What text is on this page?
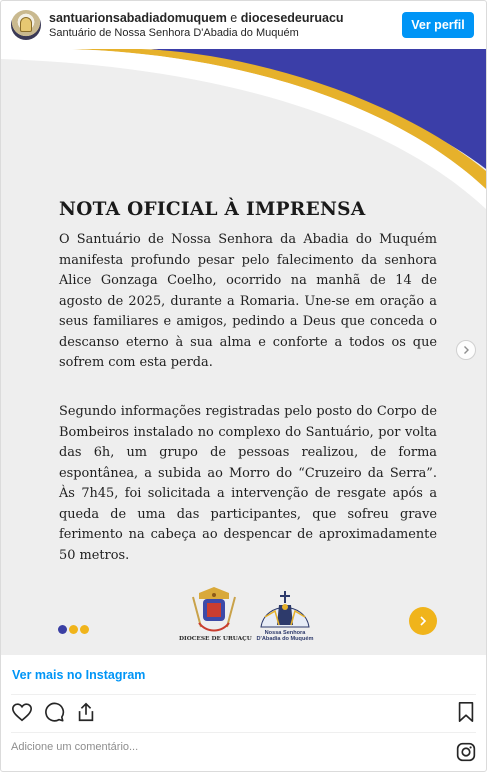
santuarionsabadiadomuquem e diocesedeuruacu
Santuário de Nossa Senhora D'Abadia do Muquém
Ver perfil
NOTA OFICIAL À IMPRENSA
O Santuário de Nossa Senhora da Abadia do Muquém manifesta profundo pesar pelo falecimento da senhora Alice Gonzaga Coelho, ocorrido na manhã de 14 de agosto de 2025, durante a Romaria. Une-se em oração a seus familiares e amigos, pedindo a Deus que conceda o descanso eterno à sua alma e conforte a todos os que sofrem com esta perda.
Segundo informações registradas pelo posto do Corpo de Bombeiros instalado no complexo do Santuário, por volta das 6h, um grupo de pessoas realizou, de forma espontânea, a subida ao Morro do “Cruzeiro da Serra”. Às 7h45, foi solicitada a intervenção de resgate após a queda de uma das participantes, que sofreu grave ferimento na cabeça ao despencar de aproximadamente 50 metros.
DIOCESE DE URUAÇU
Nossa Senhora
D'Abadia do Muquém
Ver mais no Instagram
Adicione um comentário...
